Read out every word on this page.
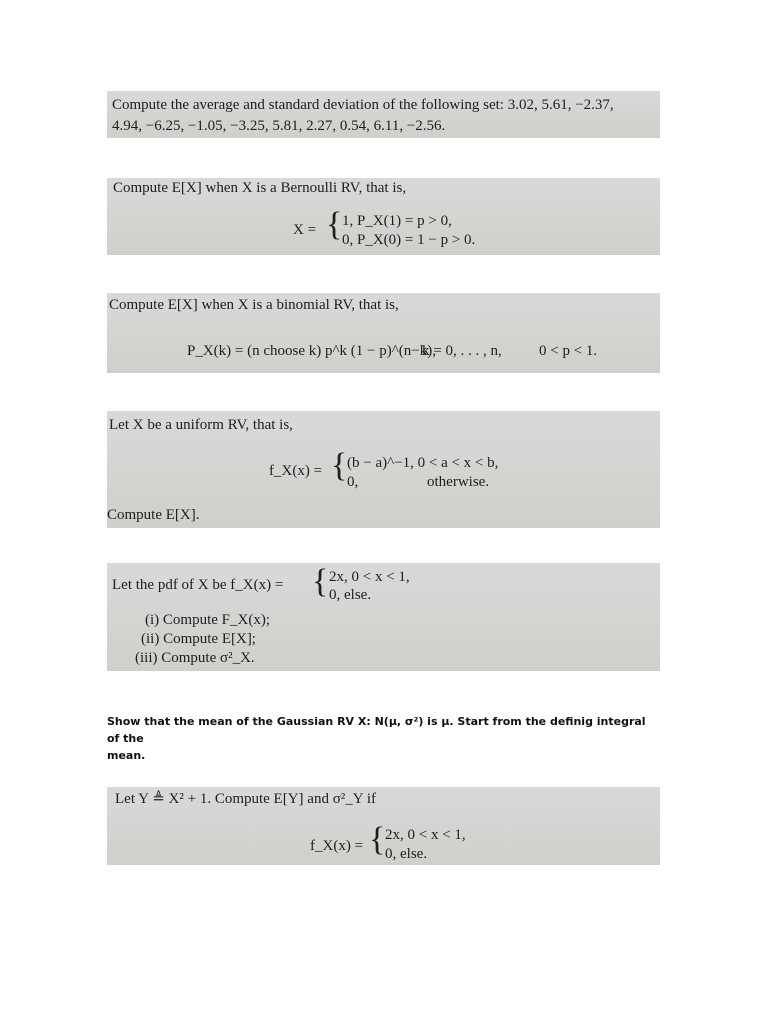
Compute the average and standard deviation of the following set: 3.02, 5.61, −2.37,
4.94, −6.25, −1.05, −3.25, 5.81, 2.27, 0.54, 6.11, −2.56.
Compute E[X] when X is a Bernoulli RV, that is,
X = { 1, P_X(1) = p > 0,
0, P_X(0) = 1 − p > 0.
Compute E[X] when X is a binomial RV, that is,
P_X(k) = (n choose k) p^k (1 − p)^(n−k),
k = 0, . . . , n, 0 < p < 1.
Let X be a uniform RV, that is,
f_X(x) = { (b − a)^−1, 0 < a < x < b,
0,	otherwise.
Compute E[X].
Let the pdf of X be f_X(x) = { 2x, 0 < x < 1,
0, else.
(i) Compute F_X(x);
(ii) Compute E[X];
(iii) Compute σ²_X.
Show that the mean of the Gaussian RV X: N(μ, σ²) is μ. Start from the definig integral of the
mean.
Let Y ≜ X² + 1. Compute E[Y] and σ²_Y if
f_X(x) = { 2x, 0 < x < 1,
0, else.
